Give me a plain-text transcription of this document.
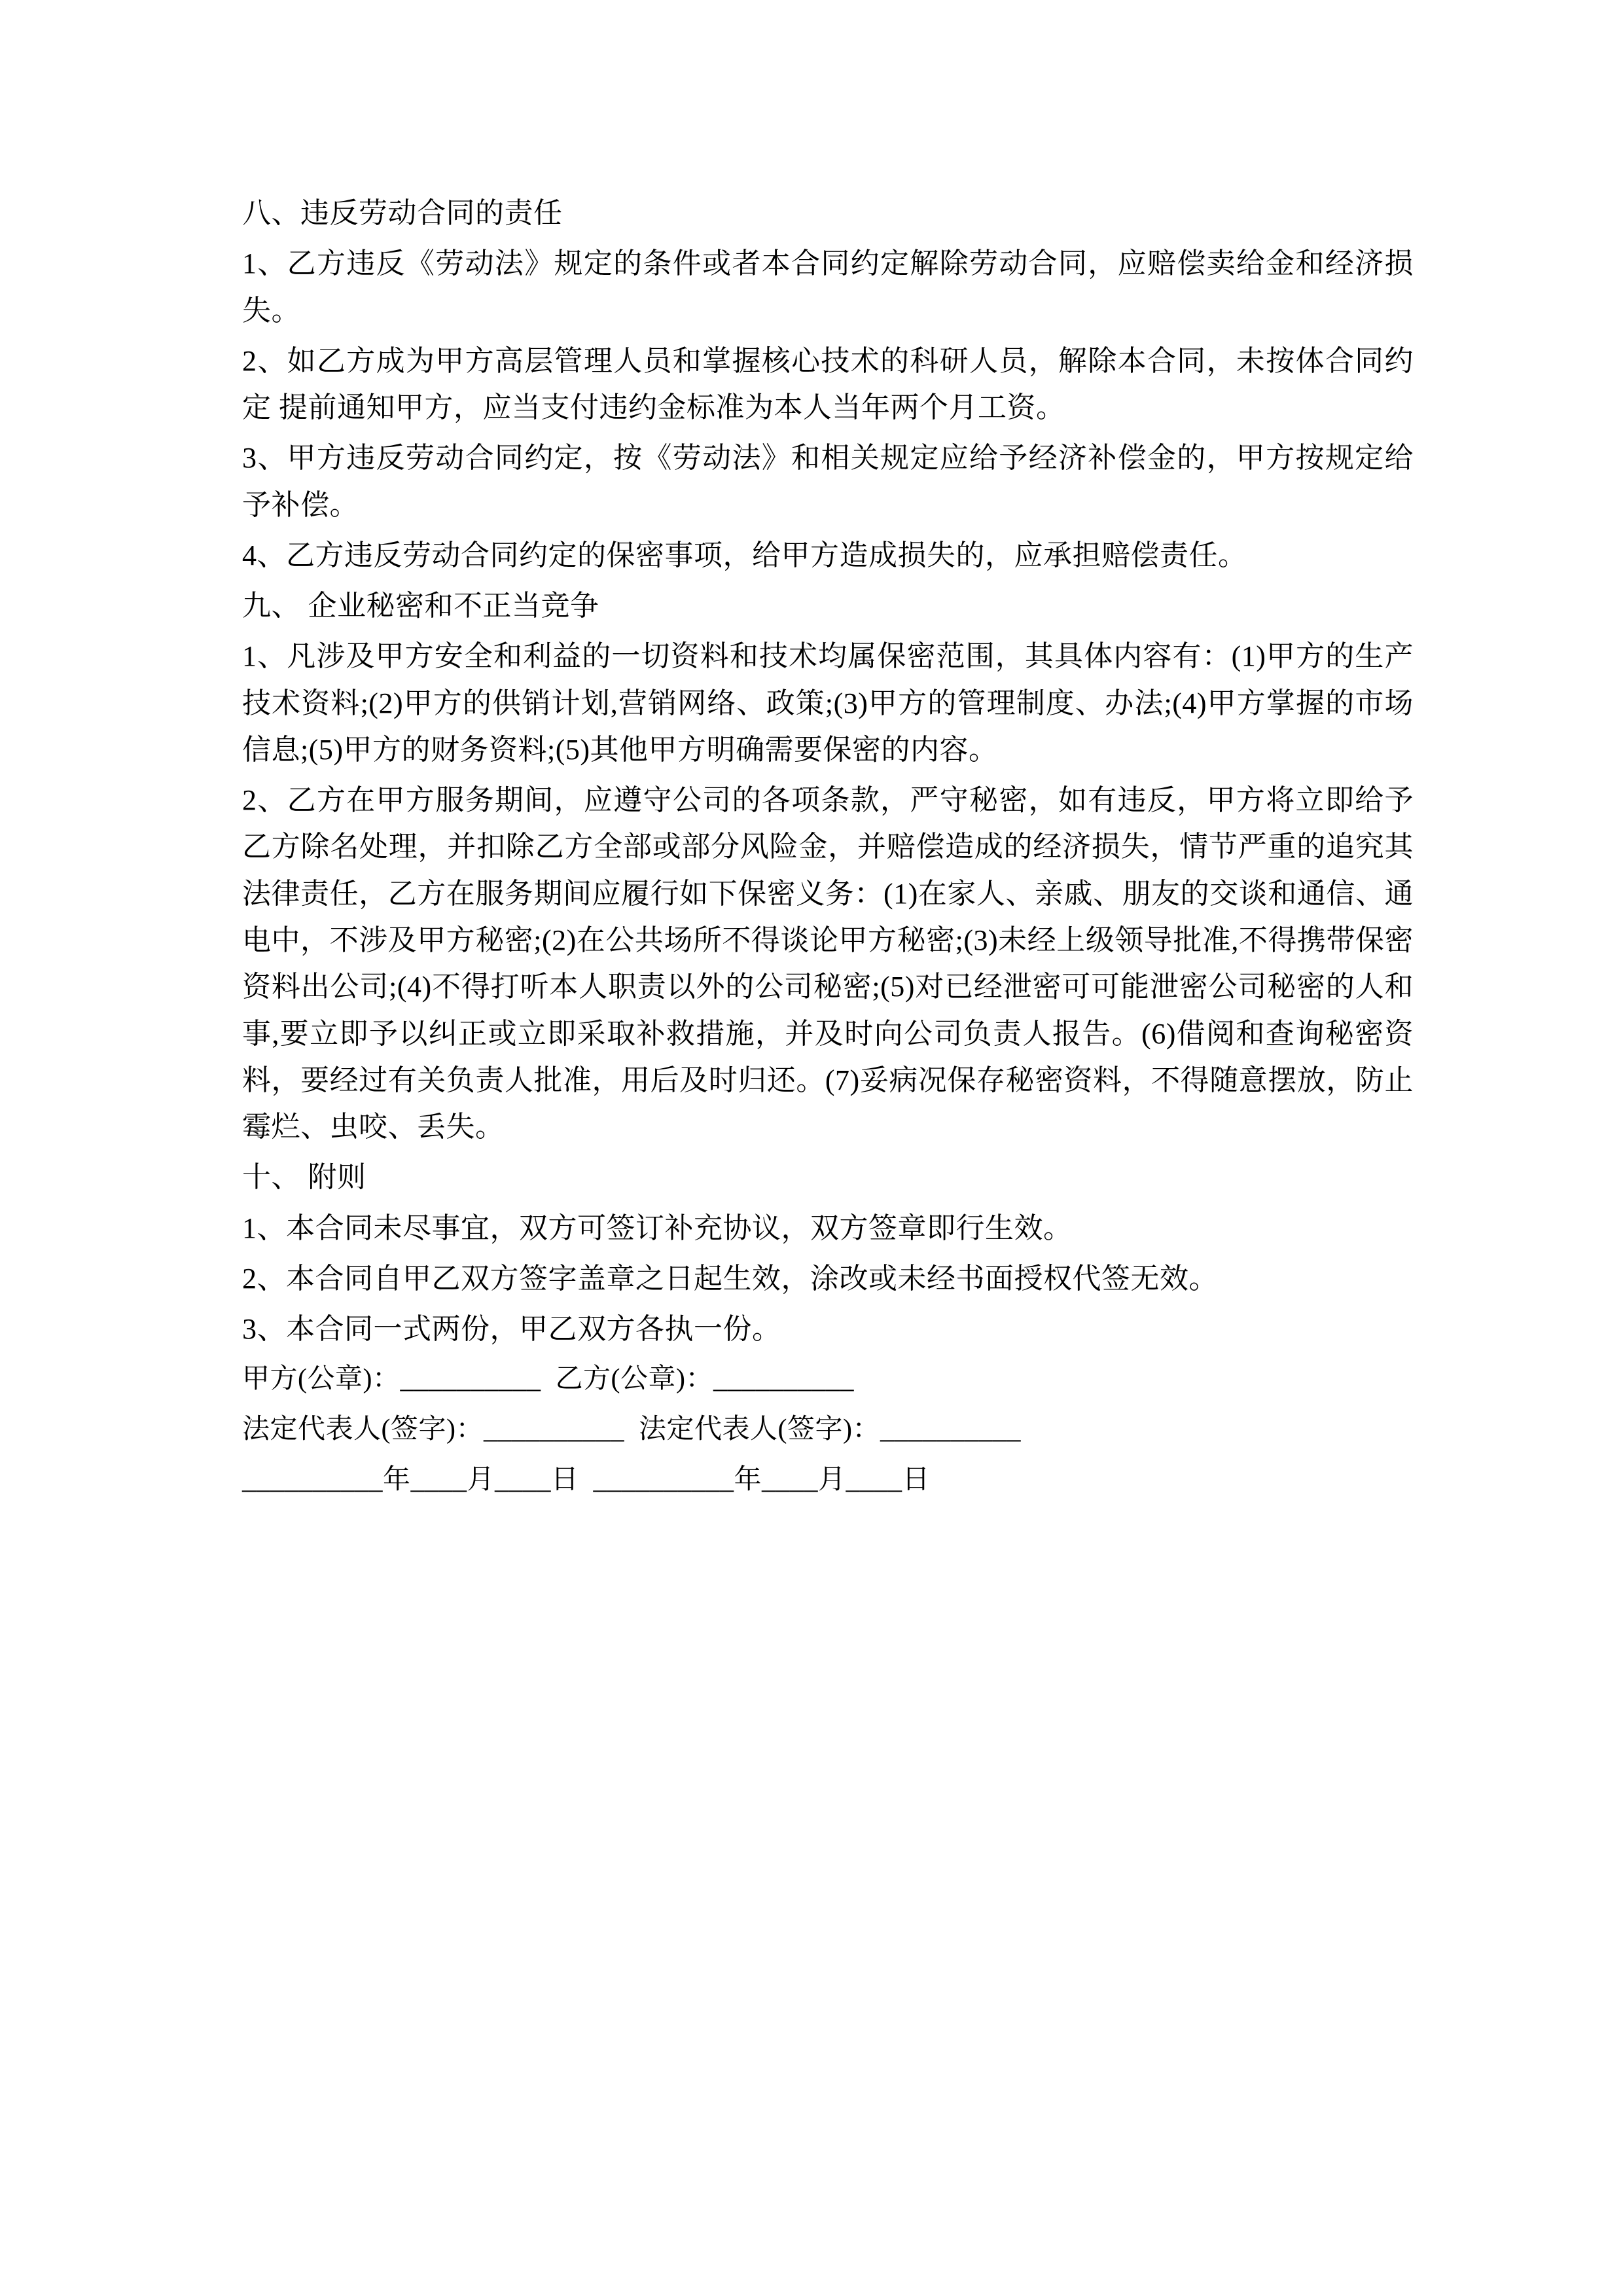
八、违反劳动合同的责任

1、乙方违反《劳动法》规定的条件或者本合同约定解除劳动合同，应赔偿卖给金和经济损失。

2、如乙方成为甲方高层管理人员和掌握核心技术的科研人员，解除本合同，未按体合同约定 提前通知甲方，应当支付违约金标准为本人当年两个月工资。

3、甲方违反劳动合同约定，按《劳动法》和相关规定应给予经济补偿金的，甲方按规定给予补偿。

4、乙方违反劳动合同约定的保密事项，给甲方造成损失的，应承担赔偿责任。

九、 企业秘密和不正当竞争

1、凡涉及甲方安全和利益的一切资料和技术均属保密范围，其具体内容有：(1)甲方的生产技术资料;(2)甲方的供销计划,营销网络、政策;(3)甲方的管理制度、办法;(4)甲方掌握的市场信息;(5)甲方的财务资料;(5)其他甲方明确需要保密的内容。

2、乙方在甲方服务期间，应遵守公司的各项条款，严守秘密，如有违反，甲方将立即给予乙方除名处理，并扣除乙方全部或部分风险金，并赔偿造成的经济损失，情节严重的追究其法律责任，乙方在服务期间应履行如下保密义务：(1)在家人、亲戚、朋友的交谈和通信、通电中，不涉及甲方秘密;(2)在公共场所不得谈论甲方秘密;(3)未经上级领导批准,不得携带保密资料出公司;(4)不得打听本人职责以外的公司秘密;(5)对已经泄密可可能泄密公司秘密的人和事,要立即予以纠正或立即采取补救措施，并及时向公司负责人报告。(6)借阅和查询秘密资料，要经过有关负责人批准，用后及时归还。(7)妥病况保存秘密资料，不得随意摆放，防止霉烂、虫咬、丢失。

十、 附则

1、本合同未尽事宜，双方可签订补充协议，双方签章即行生效。

2、本合同自甲乙双方签字盖章之日起生效，涂改或未经书面授权代签无效。

3、本合同一式两份，甲乙双方各执一份。

甲方(公章)：__________  乙方(公章)：__________

法定代表人(签字)：__________  法定代表人(签字)：__________

__________年____月____日  __________年____月____日
